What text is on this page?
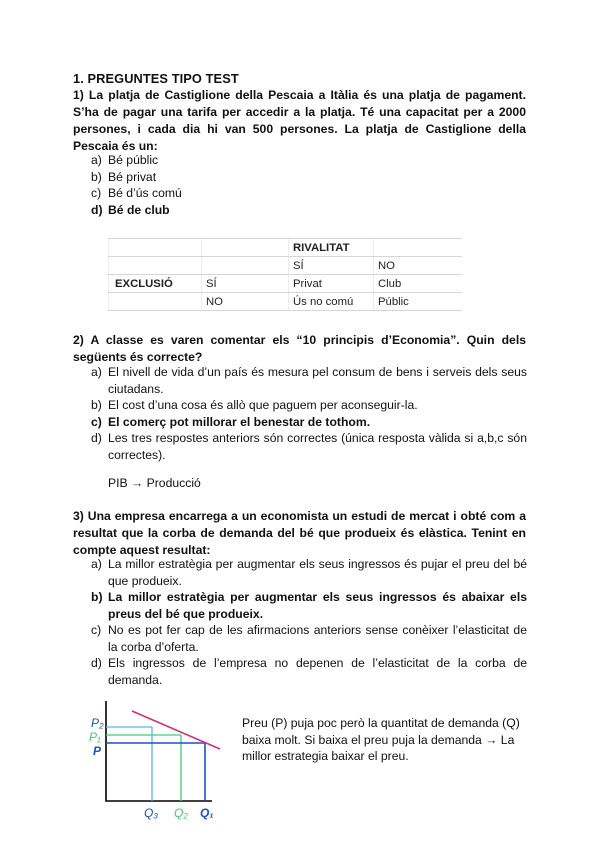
1. PREGUNTES TIPO TEST
1) La platja de Castiglione della Pescaia a Itàlia és una platja de pagament. S’ha de pagar una tarifa per accedir a la platja. Té una capacitat per a 2000 persones, i cada dia hi van 500 persones. La platja de Castiglione della Pescaia és un:
a) Bé públic
b) Bé privat
c) Bé d’ús comú
d) Bé de club
		RIVALITAT	
		SÍ	NO
EXCLUSIÓ	SÍ	Privat	Club
	NO	Ús no comú	Públic
2) A classe es varen comentar els “10 principis d’Economia”. Quin dels següents és correcte?
a) El nivell de vida d’un país és mesura pel consum de bens i serveis dels seus ciutadans.
b) El cost d’una cosa és allò que paguem per aconseguir-la.
c) El comerç pot millorar el benestar de tothom.
d) Les tres respostes anteriors són correctes (única resposta vàlida si a,b,c són correctes).
PIB → Producció
3) Una empresa encarrega a un economista un estudi de mercat i obté com a resultat que la corba de demanda del bé que produeix és elàstica. Tenint en compte aquest resultat:
a) La millor estratègia per augmentar els seus ingressos és pujar el preu del bé que produeix.
b) La millor estratègia per augmentar els seus ingressos és abaixar els preus del bé que produeix.
c) No es pot fer cap de les afirmacions anteriors sense conèixer l’elasticitat de la corba d’oferta.
d) Els ingressos de l’empresa no depenen de l’elasticitat de la corba de demanda.
P₂
P₁
P
Q₃ Q₂ Q₁
Preu (P) puja poc però la quantitat de demanda (Q) baixa molt. Si baixa el preu puja la demanda → La millor estrategia baixar el preu.
